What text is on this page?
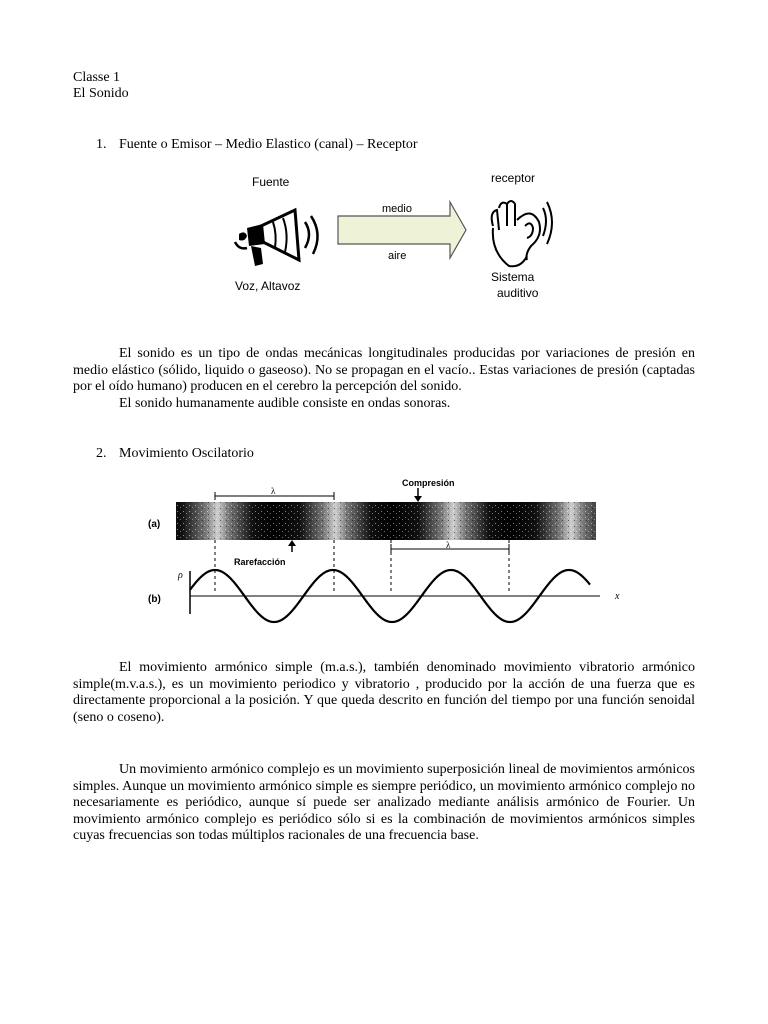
Classe 1
El Sonido
1. Fuente o Emisor – Medio Elastico (canal) – Receptor
Fuente
Voz, Altavoz
medio
aire
receptor
Sistema
auditivo
El sonido es un tipo de ondas mecánicas longitudinales producidas por variaciones de presión en medio elástico (sólido, liquido o gaseoso). No se propagan en el vacío.. Estas variaciones de presión (captadas por el oído humano) producen en el cerebro la percepción del sonido.
El sonido humanamente audible consiste en ondas sonoras.
2. Movimiento Oscilatorio
(a)
(b)
Compresión
λ
Rarefacción
λ
ρ
x
El movimiento armónico simple (m.a.s.), también denominado movimiento vibratorio armónico simple(m.v.a.s.), es un movimiento periodico y vibratorio , producido por la acción de una fuerza que es directamente proporcional a la posición. Y que queda descrito en función del tiempo por una función senoidal (seno o coseno).
Un movimiento armónico complejo es un movimiento superposición lineal de movimientos armónicos simples. Aunque un movimiento armónico simple es siempre periódico, un movimiento armónico complejo no necesariamente es periódico, aunque sí puede ser analizado mediante análisis armónico de Fourier. Un movimiento armónico complejo es periódico sólo si es la combinación de movimientos armónicos simples cuyas frecuencias son todas múltiplos racionales de una frecuencia base.
